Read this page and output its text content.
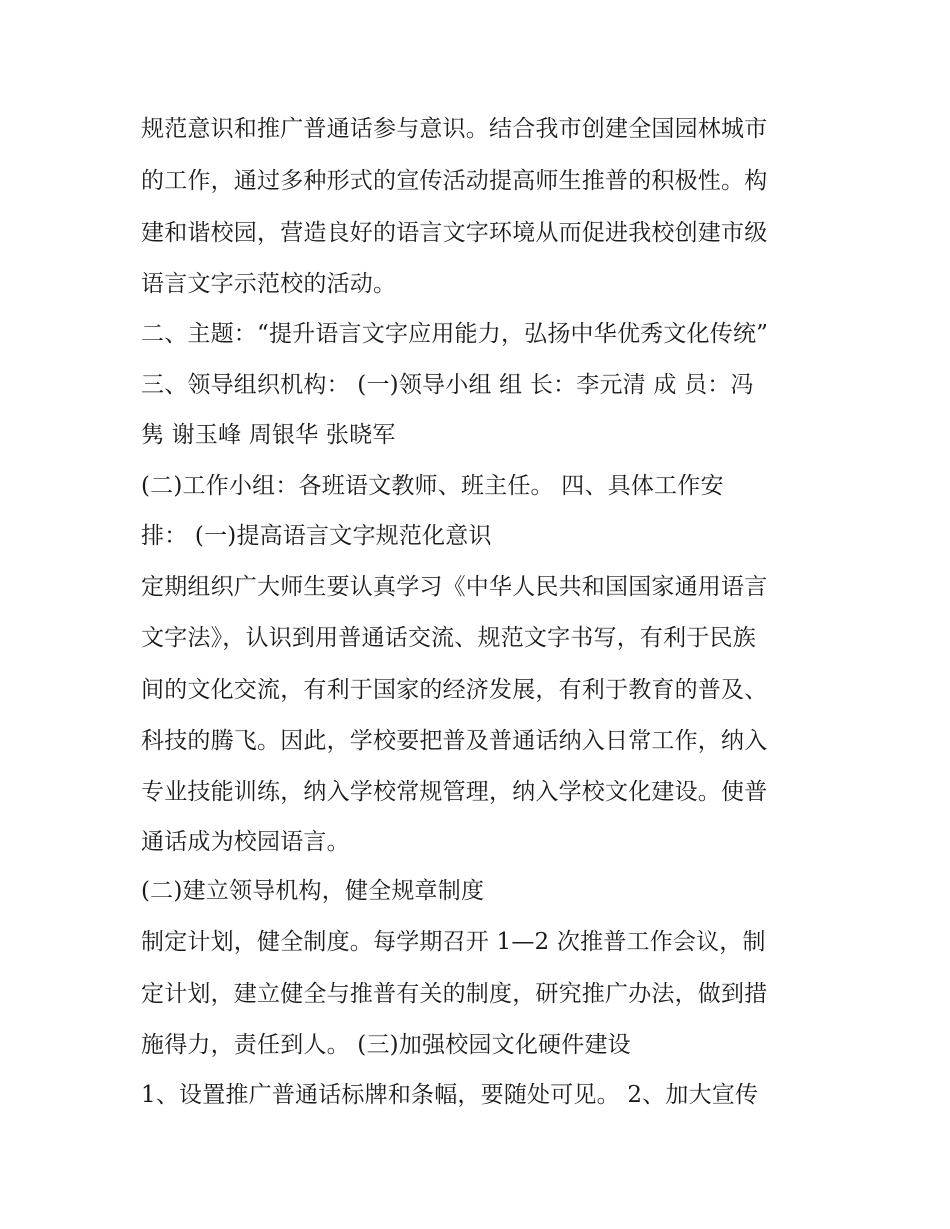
规范意识和推广普通话参与意识。结合我市创建全国园林城市
的工作，通过多种形式的宣传活动提高师生推普的积极性。构
建和谐校园，营造良好的语言文字环境从而促进我校创建市级
语言文字示范校的活动。
二、主题：“提升语言文字应用能力，弘扬中华优秀文化传统”
三、领导组织机构： (一)领导小组 组 长：李元清 成 员：冯
隽 谢玉峰 周银华 张晓军
(二)工作小组：各班语文教师、班主任。 四、具体工作安
排： (一)提高语言文字规范化意识
定期组织广大师生要认真学习《中华人民共和国国家通用语言
文字法》，认识到用普通话交流、规范文字书写，有利于民族
间的文化交流，有利于国家的经济发展，有利于教育的普及、
科技的腾飞。因此，学校要把普及普通话纳入日常工作，纳入
专业技能训练，纳入学校常规管理，纳入学校文化建设。使普
通话成为校园语言。
(二)建立领导机构，健全规章制度
制定计划，健全制度。每学期召开 1—2 次推普工作会议，制
定计划，建立健全与推普有关的制度，研究推广办法，做到措
施得力，责任到人。 (三)加强校园文化硬件建设
1、设置推广普通话标牌和条幅，要随处可见。 2、加大宣传
